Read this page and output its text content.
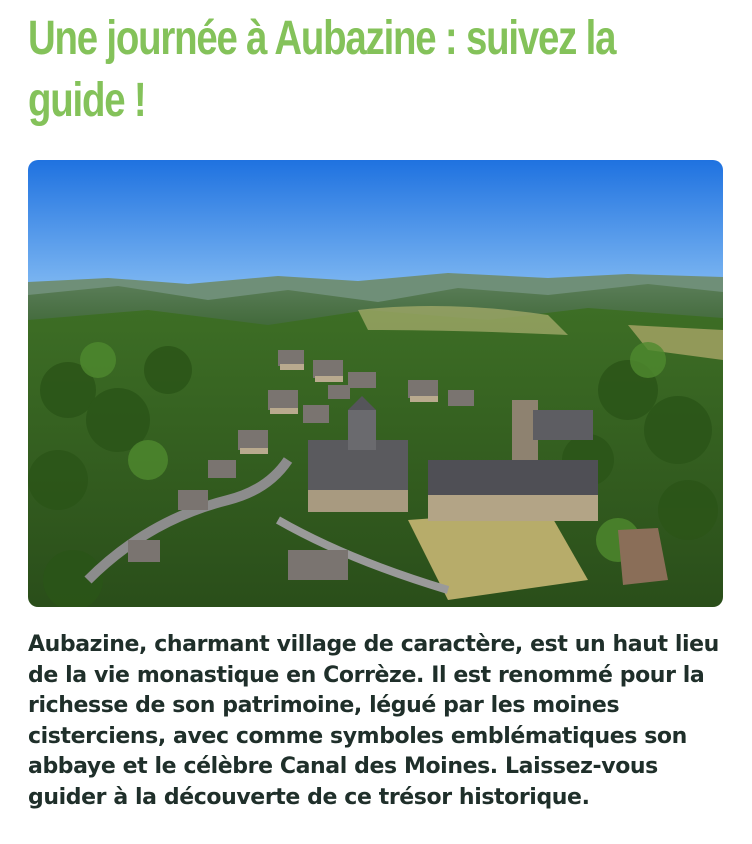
Une journée à Aubazine : suivez la guide !

Aubazine, charmant village de caractère, est un haut lieu de la vie monastique en Corrèze. Il est renommé pour la richesse de son patrimoine, légué par les moines cisterciens, avec comme symboles emblématiques son abbaye et le célèbre Canal des Moines. Laissez-vous guider à la découverte de ce trésor historique.
